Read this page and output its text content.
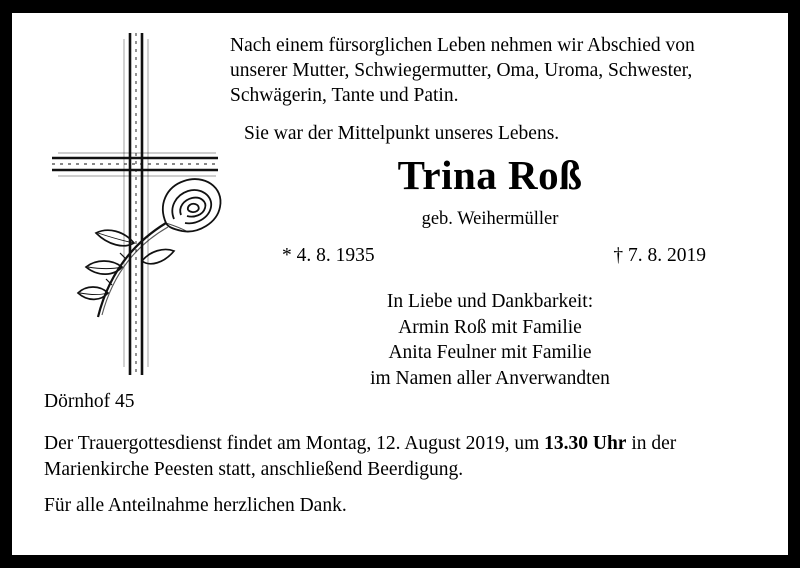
Nach einem fürsorglichen Leben nehmen wir Abschied von

unserer Mutter, Schwiegermutter, Oma, Uroma, Schwester,

Schwägerin, Tante und Patin.

Sie war der Mittelpunkt unseres Lebens.

Trina Roß
geb. Weihermüller
* 4. 8. 1935	† 7. 8. 2019
In Liebe und Dankbarkeit:
Armin Roß mit Familie
Anita Feulner mit Familie
im Namen aller Anverwandten
Dörnhof 45
Der Trauergottesdienst findet am Montag, 12. August 2019, um 13.30 Uhr in der
Marienkirche Peesten statt, anschließend Beerdigung.
Für alle Anteilnahme herzlichen Dank.
